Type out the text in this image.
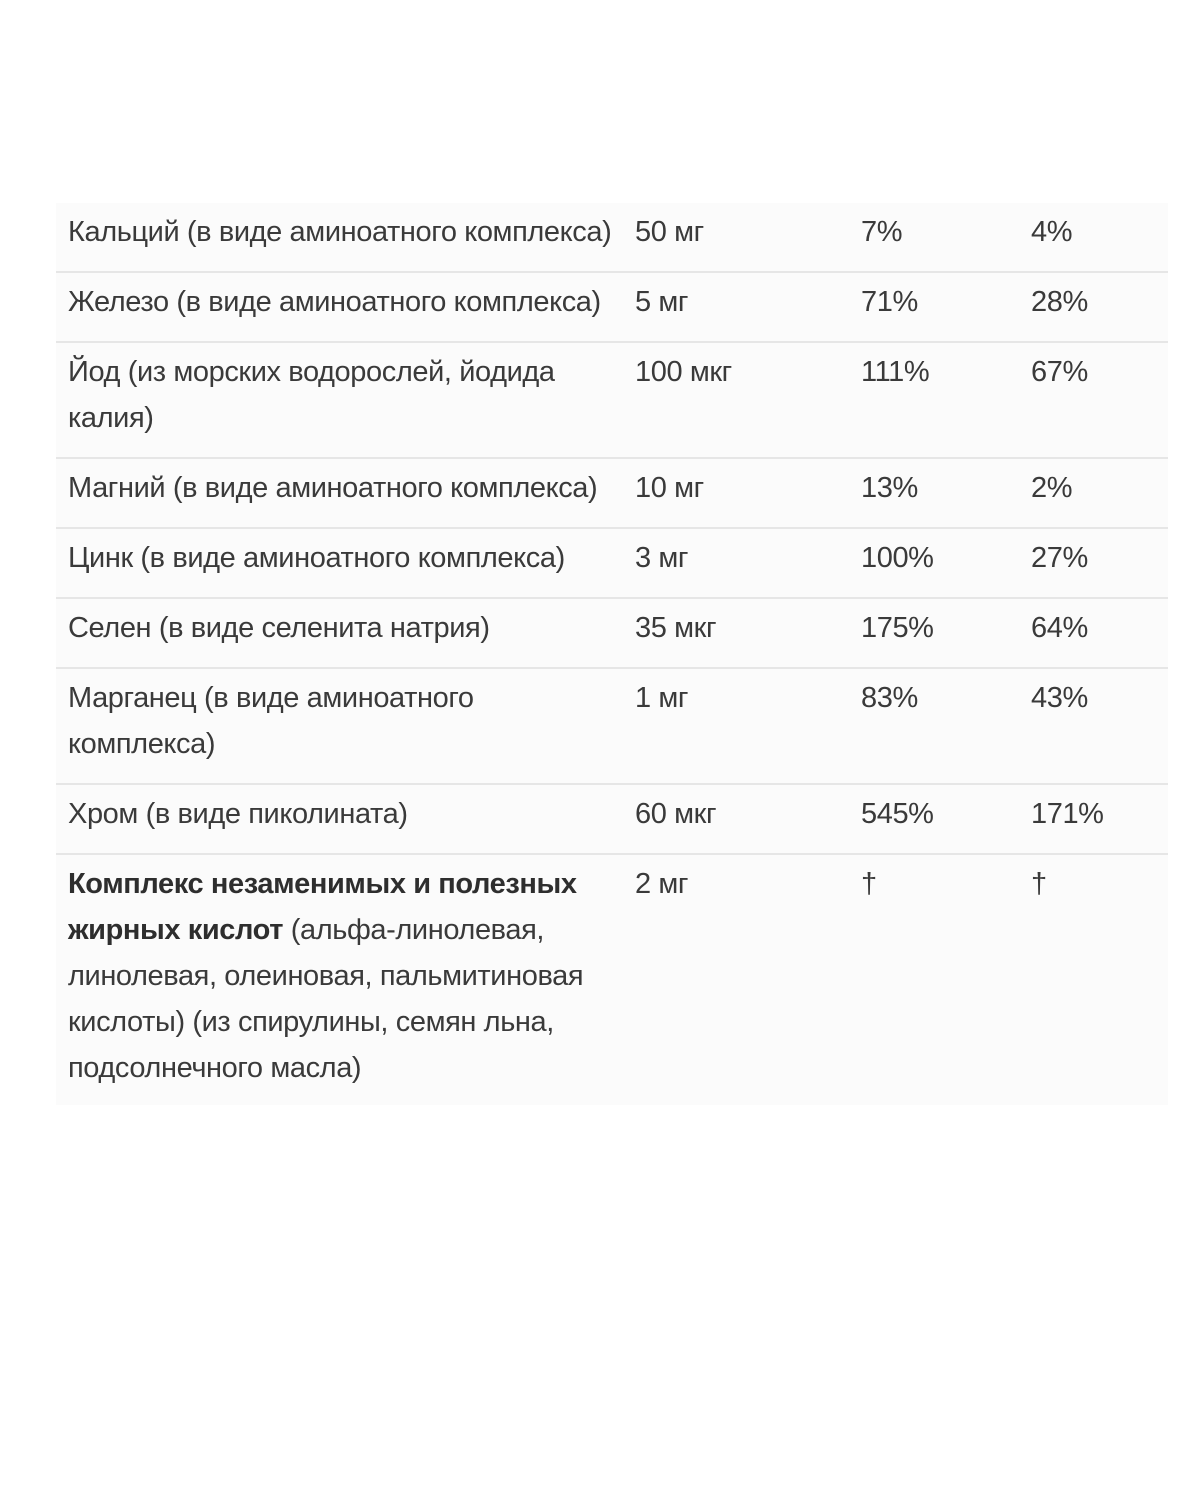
Кальций (в виде аминоатного комплекса)	50 мг	7%	4%
Железо (в виде аминоатного комплекса)	5 мг	71%	28%
Йод (из морских водорослей, йодида калия)	100 мкг	111%	67%
Магний (в виде аминоатного комплекса)	10 мг	13%	2%
Цинк (в виде аминоатного комплекса)	3 мг	100%	27%
Селен (в виде селенита натрия)	35 мкг	175%	64%
Марганец (в виде аминоатного комплекса)	1 мг	83%	43%
Хром (в виде пиколината)	60 мкг	545%	171%
Комплекс незаменимых и полезных жирных кислот (альфа-линолевая, линолевая, олеиновая, пальмитиновая кислоты) (из спирулины, семян льна, подсолнечного масла)	2 мг	†	†
